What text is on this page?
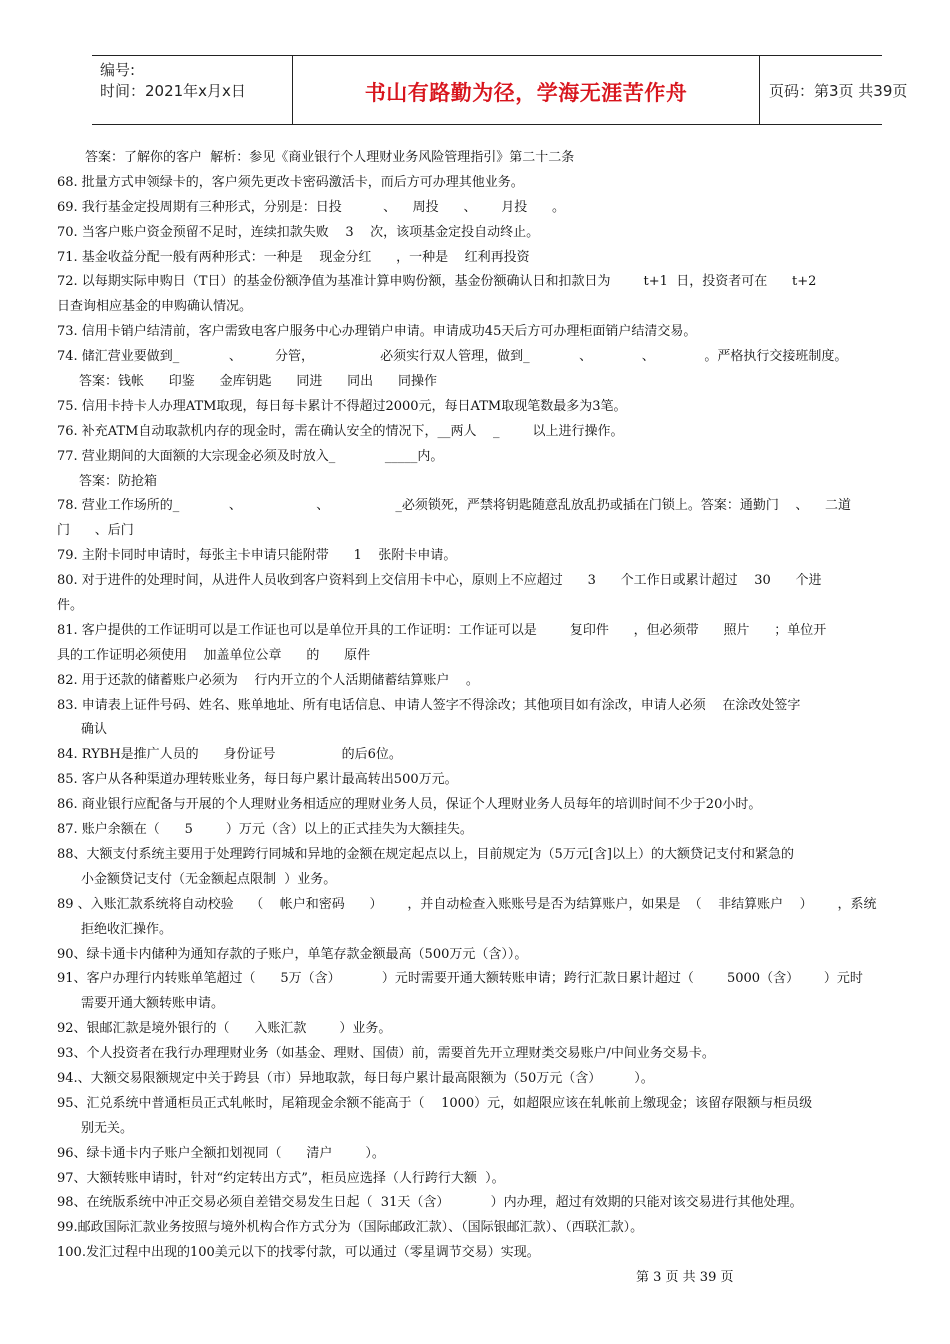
编号:
时间：2021年x月x日	书山有路勤为径，学海无涯苦作舟	页码：第3页 共39页
答案：了解你的客户  解析：参见《商业银行个人理财业务风险管理指引》第二十二条
68. 批量方式申领绿卡的，客户须先更改卡密码激活卡，而后方可办理其他业务。
69. 我行基金定投周期有三种形式，分别是：日投          、    周投      、      月投      。
70. 当客户账户资金预留不足时，连续扣款失败    3    次，该项基金定投自动终止。
71. 基金收益分配一般有两种形式：一种是    现金分红      ，一种是    红利再投资
72. 以每期实际申购日（T日）的基金份额净值为基准计算申购份额，基金份额确认日和扣款日为        t+1  日，投资者可在      t+2
日查询相应基金的申购确认情况。
73. 信用卡销户结清前，客户需致电客户服务中心办理销户申请。申请成功45天后方可办理柜面销户结清交易。
74. 储汇营业要做到_            、        分管，                必须实行双人管理，做到_            、            、            。严格执行交接班制度。
答案：钱帐      印鉴      金库钥匙      同进      同出      同操作
75. 信用卡持卡人办理ATM取现，每日每卡累计不得超过2000元，每日ATM取现笔数最多为3笔。
76. 补充ATM自动取款机内存的现金时，需在确认安全的情况下，__两人    _        以上进行操作。
77. 营业期间的大面额的大宗现金必须及时放入_            _____内。
答案：防抢箱
78. 营业工作场所的_            、                  、                _必须锁死，严禁将钥匙随意乱放乱扔或插在门锁上。答案：通勤门    、    二道
门      、后门
79. 主附卡同时申请时，每张主卡申请只能附带      1    张附卡申请。
80. 对于进件的处理时间，从进件人员收到客户资料到上交信用卡中心，原则上不应超过      3      个工作日或累计超过    30      个进
件。
81. 客户提供的工作证明可以是工作证也可以是单位开具的工作证明：工作证可以是        复印件      ，但必须带      照片      ；单位开
具的工作证明必须使用    加盖单位公章      的      原件
82. 用于还款的储蓄账户必须为    行内开立的个人活期储蓄结算账户    。
83. 申请表上证件号码、姓名、账单地址、所有电话信息、申请人签字不得涂改；其他项目如有涂改，申请人必须    在涂改处签字
确认
84. RYBH是推广人员的      身份证号                的后6位。
85. 客户从各种渠道办理转账业务，每日每户累计最高转出500万元。
86. 商业银行应配备与开展的个人理财业务相适应的理财业务人员，保证个人理财业务人员每年的培训时间不少于20小时。
87. 账户余额在（      5        ）万元（含）以上的正式挂失为大额挂失。
88、大额支付系统主要用于处理跨行同城和异地的金额在规定起点以上，目前规定为（5万元[含]以上）的大额贷记支付和紧急的
小金额贷记支付（无金额起点限制  ）业务。
89 、入账汇款系统将自动校验    （    帐户和密码      ）      ，并自动检查入账账号是否为结算账户，如果是  （    非结算账户    ）      ，系统
拒绝收汇操作。
90、绿卡通卡内储种为通知存款的子账户，单笔存款金额最高（500万元（含））。
91、客户办理行内转账单笔超过（      5万（含）          ）元时需要开通大额转账申请；跨行汇款日累计超过（        5000（含）      ）元时
需要开通大额转账申请。
92、银邮汇款是境外银行的（      入账汇款        ）业务。
93、个人投资者在我行办理理财业务（如基金、理财、国债）前，需要首先开立理财类交易账户/中间业务交易卡。
94.、大额交易限额规定中关于跨县（市）异地取款，每日每户累计最高限额为（50万元（含）        ）。
95、汇兑系统中普通柜员正式轧帐时，尾箱现金余额不能高于（    1000）元，如超限应该在轧帐前上缴现金；该留存限额与柜员级
别无关。
96、绿卡通卡内子账户全额扣划视同（      清户        ）。
97、大额转账申请时，针对“约定转出方式”，柜员应选择（人行跨行大额  ）。
98、在统版系统中冲正交易必须自差错交易发生日起（  31天（含）          ）内办理，超过有效期的只能对该交易进行其他处理。
99.邮政国际汇款业务按照与境外机构合作方式分为（国际邮政汇款）、（国际银邮汇款）、（西联汇款）。
100.发汇过程中出现的100美元以下的找零付款，可以通过（零星调节交易）实现。
第 3 页 共 39 页
